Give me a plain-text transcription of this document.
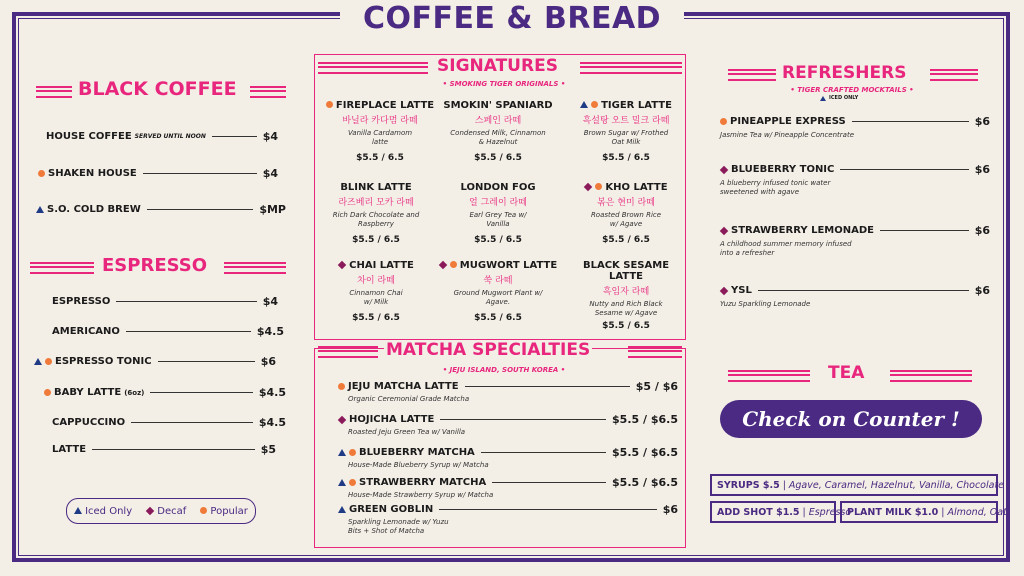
COFFEE & BREAD
BLACK COFFEE
HOUSE COFFEE SERVED UNTIL NOON	$4
SHAKEN HOUSE	$4
S.O. COLD BREW	$MP
ESPRESSO
ESPRESSO	$4
AMERICANO	$4.5
ESPRESSO TONIC	$6
BABY LATTE (6oz)	$4.5
CAPPUCCINO	$4.5
LATTE	$5
Iced Only	Decaf	Popular
SIGNATURES
• SMOKING TIGER ORIGINALS •
FIREPLACE LATTE
바닐라 카다멈 라떼
Vanilla Cardamom latte
$5.5 / 6.5
SMOKIN' SPANIARD
스페인 라떼
Condensed Milk, Cinnamon & Hazelnut
$5.5 / 6.5
TIGER LATTE
흑설탕 오트 밀크 라떼
Brown Sugar w/ Frothed Oat Milk
$5.5 / 6.5
BLINK LATTE
라즈베리 모카 라떼
Rich Dark Chocolate and Raspberry
$5.5 / 6.5
LONDON FOG
얼 그레이 라떼
Earl Grey Tea w/ Vanilla
$5.5 / 6.5
KHO LATTE
볶은 현미 라떼
Roasted Brown Rice w/ Agave
$5.5 / 6.5
CHAI LATTE
차이 라떼
Cinnamon Chai w/ Milk
$5.5 / 6.5
MUGWORT LATTE
쑥 라떼
Ground Mugwort Plant w/ Agave.
$5.5 / 6.5
BLACK SESAME LATTE
흑임자 라떼
Nutty and Rich Black Sesame w/ Agave
$5.5 / 6.5
MATCHA SPECIALTIES
• JEJU ISLAND, SOUTH KOREA •
JEJU MATCHA LATTE	$5 / $6
Organic Ceremonial Grade Matcha
HOJICHA LATTE	$5.5 / $6.5
Roasted Jeju Green Tea w/ Vanilla
BLUEBERRY MATCHA	$5.5 / $6.5
House-Made Blueberry Syrup w/ Matcha
STRAWBERRY MATCHA	$5.5 / $6.5
House-Made Strawberry Syrup w/ Matcha
GREEN GOBLIN	$6
Sparkling Lemonade w/ Yuzu
Bits + Shot of Matcha
REFRESHERS
• TIGER CRAFTED MOCKTAILS •
ICED ONLY
PINEAPPLE EXPRESS	$6
Jasmine Tea w/ Pineapple Concentrate
BLUEBERRY TONIC	$6
A blueberry infused tonic water
sweetened with agave
STRAWBERRY LEMONADE	$6
A childhood summer memory infused
into a refresher
YSL	$6
Yuzu Sparkling Lemonade
TEA
Check on Counter !
SYRUPS $.5 | Agave, Caramel, Hazelnut, Vanilla, Chocolate
ADD SHOT $1.5 | Espresso
PLANT MILK $1.0 | Almond, Oat
